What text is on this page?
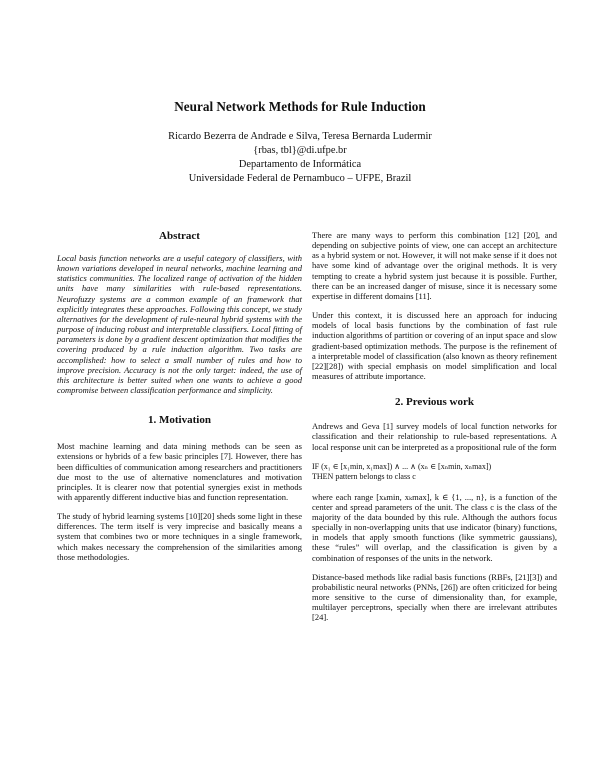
Neural Network Methods for Rule Induction
Ricardo Bezerra de Andrade e Silva, Teresa Bernarda Ludermir
{rbas, tbl}@di.ufpe.br
Departamento de Informática
Universidade Federal de Pernambuco – UFPE, Brazil
Abstract

Local basis function networks are a useful category of classifiers, with known variations developed in neural networks, machine learning and statistics communities. The localized range of activation of the hidden units have many similarities with rule-based representations. Neurofuzzy systems are a common example of an framework that explicitly integrates these approaches. Following this concept, we study alternatives for the development of rule-neural hybrid systems with the purpose of inducing robust and interpretable classifiers. Local fitting of parameters is done by a gradient descent optimization that modifies the covering produced by a rule induction algorithm. Two tasks are accomplished: how to select a small number of rules and how to improve precision. Accuracy is not the only target: indeed, the use of this architecture is better suited when one wants to achieve a good compromise between classification performance and simplicity.

1. Motivation

Most machine learning and data mining methods can be seen as extensions or hybrids of a few basic principles [7]. However, there has been difficulties of communication among researchers and practitioners due most to the use of alternative nomenclatures and motivation principles. It is clearer now that potential synergies exist in methods with apparently different inductive bias and function representation.

The study of hybrid learning systems [10][20] sheds some light in these differences. The term itself is very imprecise and basically means a system that combines two or more techniques in a single framework, which makes necessary the comprehension of the similarities among those methodologies.

There are many ways to perform this combination [12] [20], and depending on subjective points of view, one can accept an architecture as a hybrid system or not. However, it will not make sense if it does not have some kind of advantage over the original methods. It is very tempting to create a hybrid system just because it is possible. Further, there can be an increased danger of misuse, since it is necessary some expertise in different domains [11].

Under this context, it is discussed here an approach for inducing models of local basis functions by the combination of fast rule induction algorithms of partition or covering of an input space and slow gradient-based optimization methods. The purpose is the refinement of a interpretable model of classification (also known as theory refinement [22][28]) with special emphasis on model simplification and local measures of attribute importance.

2. Previous work

Andrews and Geva [1] survey models of local function networks for classification and their relationship to rule-based representations. A local response unit can be interpreted as a propositional rule of the form

IF (x₁ ∈ [x₁min, x₁max]) ∧ ... ∧ (xₙ ∈ [xₙmin, xₙmax])
THEN pattern belongs to class c

where each range [xₖmin, xₖmax], k ∈ {1, ..., n}, is a function of the center and spread parameters of the unit. The class c is the class of the majority of the data bounded by this rule. Although the authors focus specially in non-overlapping units that use indicator (binary) functions, in models that apply smooth functions (like symmetric gaussians), these “rules” will overlap, and the classification is given by a combination of responses of the units in the network.

Distance-based methods like radial basis functions (RBFs, [21][3]) and probabilistic neural networks (PNNs, [26]) are often criticized for being more sensitive to the curse of dimensionality than, for example, multilayer perceptrons, specially when there are irrelevant attributes [24].
